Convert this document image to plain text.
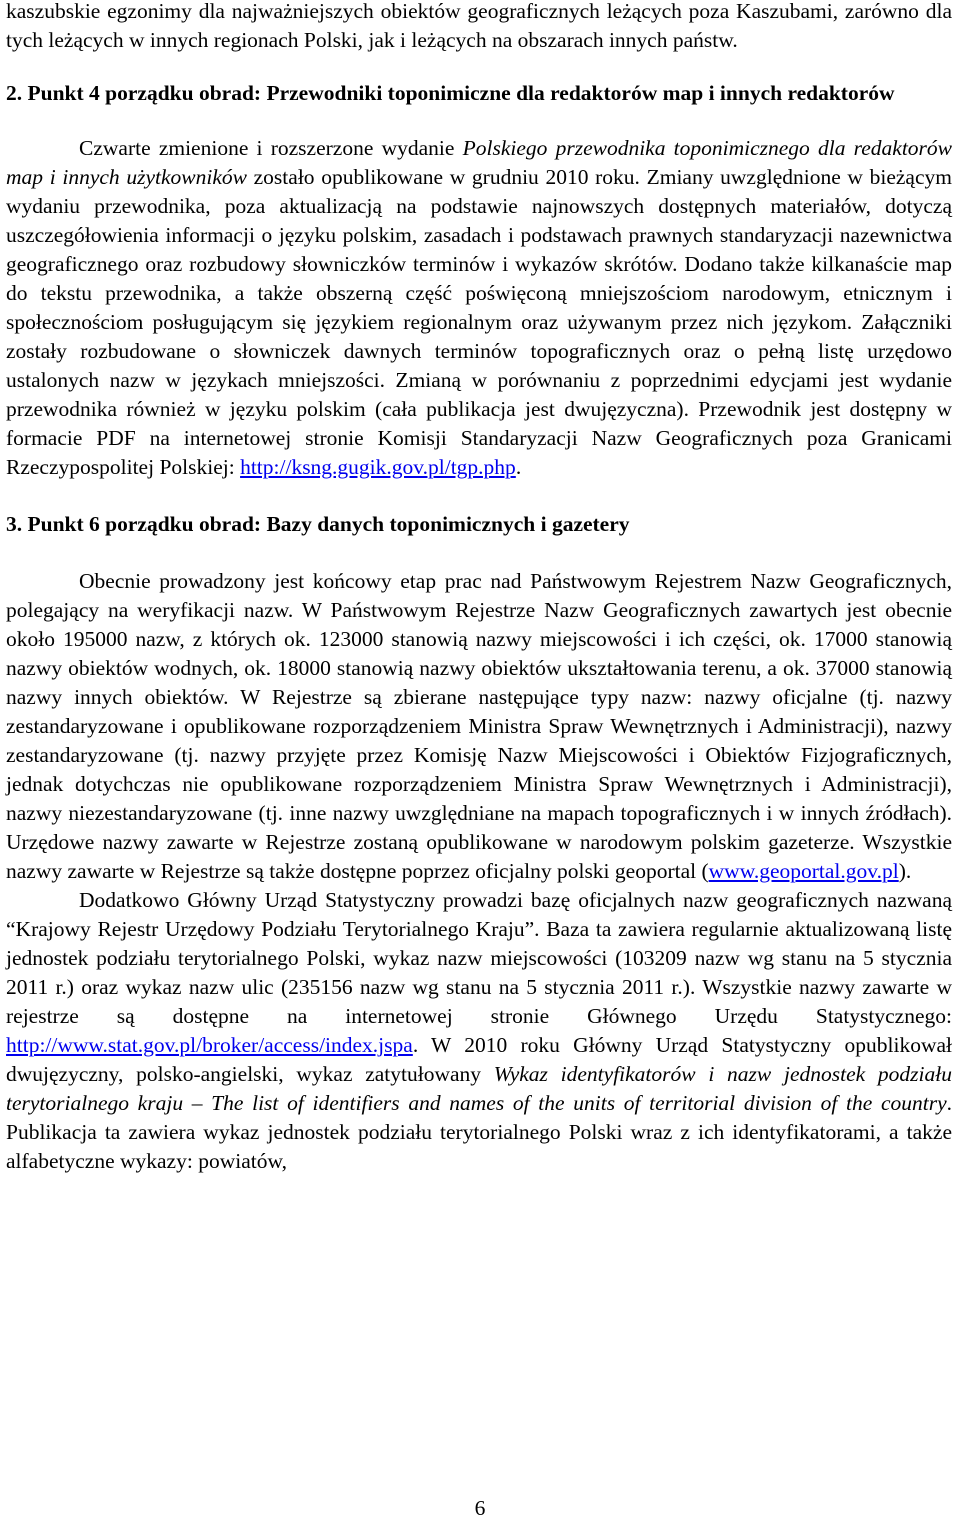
kaszubskie egzonimy dla najważniejszych obiektów geograficznych leżących poza Kaszubami, zarówno dla tych leżących w innych regionach Polski, jak i leżących na obszarach innych państw.

2. Punkt 4 porządku obrad: Przewodniki toponimiczne dla redaktorów map i innych redaktorów

Czwarte zmienione i rozszerzone wydanie Polskiego przewodnika toponimicznego dla redaktorów map i innych użytkowników zostało opublikowane w grudniu 2010 roku. Zmiany uwzględnione w bieżącym wydaniu przewodnika, poza aktualizacją na podstawie najnowszych dostępnych materiałów, dotyczą uszczegółowienia informacji o języku polskim, zasadach i podstawach prawnych standaryzacji nazewnictwa geograficznego oraz rozbudowy słowniczków terminów i wykazów skrótów. Dodano także kilkanaście map do tekstu przewodnika, a także obszerną część poświęconą mniejszościom narodowym, etnicznym i społecznościom posługującym się językiem regionalnym oraz używanym przez nich językom. Załączniki zostały rozbudowane o słowniczek dawnych terminów topograficznych oraz o pełną listę urzędowo ustalonych nazw w językach mniejszości. Zmianą w porównaniu z poprzednimi edycjami jest wydanie przewodnika również w języku polskim (cała publikacja jest dwujęzyczna). Przewodnik jest dostępny w formacie PDF na internetowej stronie Komisji Standaryzacji Nazw Geograficznych poza Granicami Rzeczypospolitej Polskiej: http://ksng.gugik.gov.pl/tgp.php.

3. Punkt 6 porządku obrad: Bazy danych toponimicznych i gazetery

Obecnie prowadzony jest końcowy etap prac nad Państwowym Rejestrem Nazw Geograficznych, polegający na weryfikacji nazw. W Państwowym Rejestrze Nazw Geograficznych zawartych jest obecnie około 195000 nazw, z których ok. 123000 stanowią nazwy miejscowości i ich części, ok. 17000 stanowią nazwy obiektów wodnych, ok. 18000 stanowią nazwy obiektów ukształtowania terenu, a ok. 37000 stanowią nazwy innych obiektów. W Rejestrze są zbierane następujące typy nazw: nazwy oficjalne (tj. nazwy zestandaryzowane i opublikowane rozporządzeniem Ministra Spraw Wewnętrznych i Administracji), nazwy zestandaryzowane (tj. nazwy przyjęte przez Komisję Nazw Miejscowości i Obiektów Fizjograficznych, jednak dotychczas nie opublikowane rozporządzeniem Ministra Spraw Wewnętrznych i Administracji), nazwy niezestandaryzowane (tj. inne nazwy uwzględniane na mapach topograficznych i w innych źródłach). Urzędowe nazwy zawarte w Rejestrze zostaną opublikowane w narodowym polskim gazeterze. Wszystkie nazwy zawarte w Rejestrze są także dostępne poprzez oficjalny polski geoportal (www.geoportal.gov.pl).

Dodatkowo Główny Urząd Statystyczny prowadzi bazę oficjalnych nazw geograficznych nazwaną “Krajowy Rejestr Urzędowy Podziału Terytorialnego Kraju”. Baza ta zawiera regularnie aktualizowaną listę jednostek podziału terytorialnego Polski, wykaz nazw miejscowości (103209 nazw wg stanu na 5 stycznia 2011 r.) oraz wykaz nazw ulic (235156 nazw wg stanu na 5 stycznia 2011 r.). Wszystkie nazwy zawarte w rejestrze są dostępne na internetowej stronie Głównego Urzędu Statystycznego: http://www.stat.gov.pl/broker/access/index.jspa. W 2010 roku Główny Urząd Statystyczny opublikował dwujęzyczny, polsko-angielski, wykaz zatytułowany Wykaz identyfikatorów i nazw jednostek podziału terytorialnego kraju – The list of identifiers and names of the units of territorial division of the country. Publikacja ta zawiera wykaz jednostek podziału terytorialnego Polski wraz z ich identyfikatorami, a także alfabetyczne wykazy: powiatów,

6
